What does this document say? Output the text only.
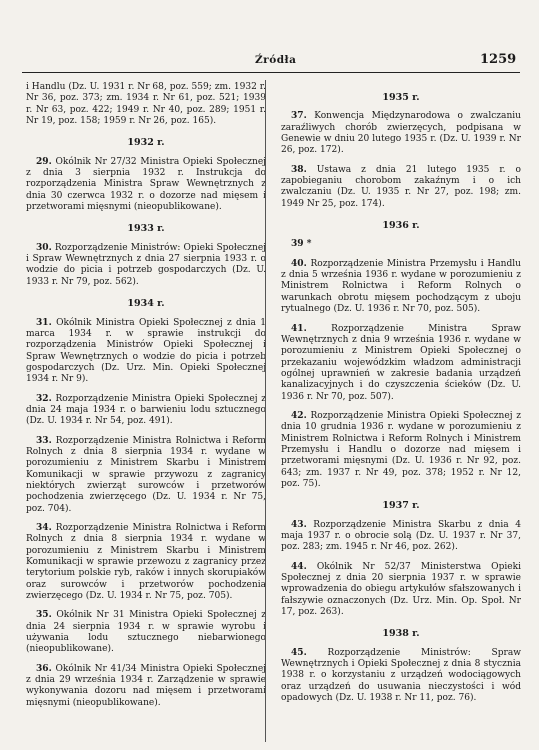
Źródła	1259

i Handlu (Dz. U. 1931 r. Nr 68, poz. 559; zm. 1932 r. Nr 36, poz. 373; zm. 1934 r. Nr 61, poz. 521; 1939 r. Nr 63, poz. 422; 1949 r. Nr 40, poz. 289; 1951 r. Nr 19, poz. 158; 1959 r. Nr 26, poz. 165).

1932 r.

29. Okólnik Nr 27/32 Ministra Opieki Społecznej z dnia 3 sierpnia 1932 r. Instrukcja do rozporządzenia Ministra Spraw Wewnętrznych z dnia 30 czerwca 1932 r. o dozorze nad mięsem i przetworami mięsnymi (nieopublikowane).

1933 r.

30. Rozporządzenie Ministrów: Opieki Społecznej i Spraw Wewnętrznych z dnia 27 sierpnia 1933 r. o wodzie do picia i potrzeb gospodarczych (Dz. U. 1933 r. Nr 79, poz. 562).

1934 r.

31. Okólnik Ministra Opieki Społecznej z dnia 1 marca 1934 r. w sprawie instrukcji do rozporządzenia Ministrów Opieki Społecznej i Spraw Wewnętrznych o wodzie do picia i potrzeb gospodarczych (Dz. Urz. Min. Opieki Społecznej 1934 r. Nr 9).

32. Rozporządzenie Ministra Opieki Społecznej z dnia 24 maja 1934 r. o barwieniu lodu sztucznego (Dz. U. 1934 r. Nr 54, poz. 491).

33. Rozporządzenie Ministra Rolnictwa i Reform Rolnych z dnia 8 sierpnia 1934 r. wydane w porozumieniu z Ministrem Skarbu i Ministrem Komunikacji w sprawie przywozu z zagranicy niektórych zwierząt surowców i przetworów pochodzenia zwierzęcego (Dz. U. 1934 r. Nr 75, poz. 704).

34. Rozporządzenie Ministra Rolnictwa i Reform Rolnych z dnia 8 sierpnia 1934 r. wydane w porozumieniu z Ministrem Skarbu i Ministrem Komunikacji w sprawie przewozu z zagranicy przez terytorium polskie ryb, raków i innych skorupiaków oraz surowców i przetworów pochodzenia zwierzęcego (Dz. U. 1934 r. Nr 75, poz. 705).

35. Okólnik Nr 31 Ministra Opieki Społecznej z dnia 24 sierpnia 1934 r. w sprawie wyrobu i używania lodu sztucznego niebarwionego (nieopublikowane).

36. Okólnik Nr 41/34 Ministra Opieki Społecznej z dnia 29 września 1934 r. Zarządzenie w sprawie wykonywania dozoru nad mięsem i przetworami mięsnymi (nieopublikowane).

1935 r.

37. Konwencja Międzynarodowa o zwalczaniu zaraźliwych chorób zwierzęcych, podpisana w Genewie w dniu 20 lutego 1935 r. (Dz. U. 1939 r. Nr 26, poz. 172).

38. Ustawa z dnia 21 lutego 1935 r. o zapobieganiu chorobom zakaźnym i o ich zwalczaniu (Dz. U. 1935 r. Nr 27, poz. 198; zm. 1949 Nr 25, poz. 174).

1936 r.

39 *

40. Rozporządzenie Ministra Przemysłu i Handlu z dnia 5 września 1936 r. wydane w porozumieniu z Ministrem Rolnictwa i Reform Rolnych o warunkach obrotu mięsem pochodzącym z uboju rytualnego (Dz. U. 1936 r. Nr 70, poz. 505).

41.	Rozporządzenie Ministra Spraw Wewnętrznych z dnia 9 września 1936 r. wydane w porozumieniu z Ministrem Opieki Społecznej o przekazaniu wojewódzkim władzom administracji ogólnej uprawnień w zakresie badania urządzeń kanalizacyjnych i do czyszczenia ścieków (Dz. U. 1936 r. Nr 70, poz. 507).

42. Rozporządzenie Ministra Opieki Społecznej z dnia 10 grudnia 1936 r. wydane w porozumieniu z Ministrem Rolnictwa i Reform Rolnych i Ministrem Przemysłu i Handlu o dozorze nad mięsem i przetworami mięsnymi (Dz. U. 1936 r. Nr 92, poz. 643; zm. 1937 r. Nr 49, poz. 378; 1952 r. Nr 12, poz. 75).

1937 r.

43. Rozporządzenie Ministra Skarbu z dnia 4 maja 1937 r. o obrocie solą (Dz. U. 1937 r. Nr 37, poz. 283; zm. 1945 r. Nr 46, poz. 262).

44. Okólnik Nr 52/37 Ministerstwa Opieki Społecznej z dnia 20 sierpnia 1937 r. w sprawie wprowadzenia do obiegu artykułów sfałszowanych i fałszywie oznaczonych (Dz. Urz. Min. Op. Społ. Nr 17, poz. 263).

1938 r.

45. Rozporządzenie Ministrów: Spraw Wewnętrznych i Opieki Społecznej z dnia 8 stycznia 1938 r. o korzystaniu z urządzeń wodociągowych oraz urządzeń do usuwania nieczystości i wód opadowych (Dz. U. 1938 r. Nr 11, poz. 76).
